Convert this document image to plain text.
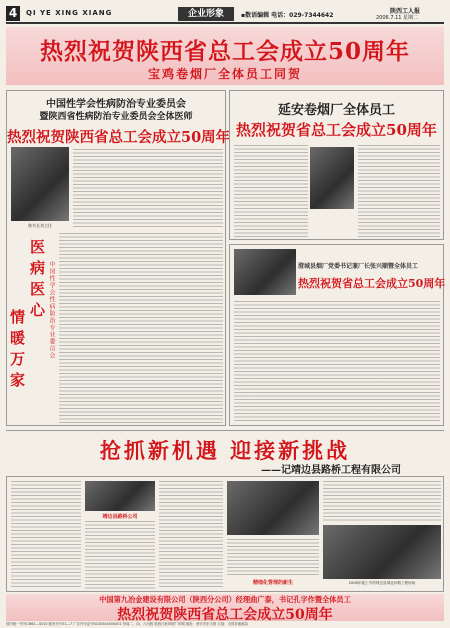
4	QI YE XING XIANG	企业形象	▪数语编辑 电话：029-7344642
陕西工人报
2006.7.11 星期二
热烈祝贺陕西省总工会成立50周年
宝鸡卷烟厂全体员工同贺
中国性学会性病防治专业委员会
暨陕西省性病防治专业委员会全体医师
热烈祝贺陕西省总工会成立50周年
秘书长刘主任
医病医心
情暖万家	中国性学会性病防治专业委员会
延安卷烟厂全体员工
热烈祝贺省总工会成立50周年
澄城县烟厂党委书记兼厂长张兴顺暨全体员工
热烈祝贺省总工会成立50周年
抢抓新机遇 迎接新挑战
——记靖边县路桥工程有限公司
靖边县路桥公司
精细化管理的新生	2006年施工中的靖边县城北环路工程现场
中国第九冶金建设有限公司（陕西分公司）经理曲广泰，书记孔字作暨全体员工
热烈祝贺陕西省总工会成立50周年
国内统一刊号CN61—0010 邮发代号51—7 广告许可证号6100004000001 每周二、四、六出版 陕西日报印刷厂印刷 地址：西安市东大街 订阅：全国各地邮局
